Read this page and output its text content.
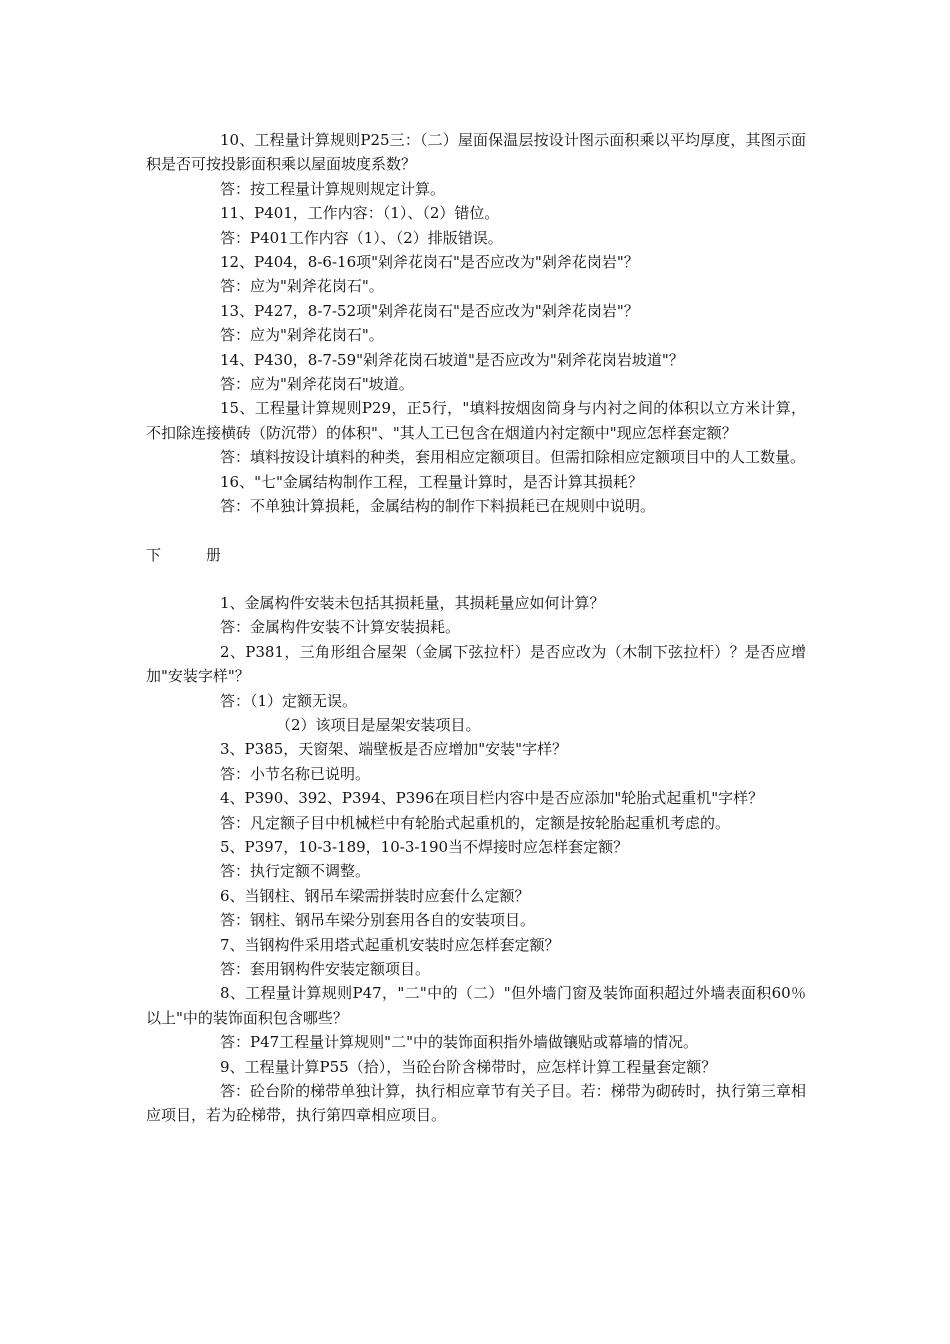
10、工程量计算规则P25三：（二）屋面保温层按设计图示面积乘以平均厚度，其图示面积是否可按投影面积乘以屋面坡度系数？

答：按工程量计算规则规定计算。

11、P401，工作内容：（1）、（2）错位。

答：P401工作内容（1）、（2）排版错误。

12、P404，8-6-16项"剁斧花岗石"是否应改为"剁斧花岗岩"？

答：应为"剁斧花岗石"。

13、P427，8-7-52项"剁斧花岗石"是否应改为"剁斧花岗岩"？

答：应为"剁斧花岗石"。

14、P430，8-7-59"剁斧花岗石坡道"是否应改为"剁斧花岗岩坡道"？

答：应为"剁斧花岗石"坡道。

15、工程量计算规则P29，正5行，"填料按烟囱筒身与内衬之间的体积以立方米计算，不扣除连接横砖（防沉带）的体积"、"其人工已包含在烟道内衬定额中"现应怎样套定额？

答：填料按设计填料的种类，套用相应定额项目。但需扣除相应定额项目中的人工数量。

16、"七"金属结构制作工程，工程量计算时，是否计算其损耗？

答：不单独计算损耗，金属结构的制作下料损耗已在规则中说明。

下　　　册

1、金属构件安装未包括其损耗量，其损耗量应如何计算？

答：金属构件安装不计算安装损耗。

2、P381，三角形组合屋架（金属下弦拉杆）是否应改为（木制下弦拉杆）？是否应增加"安装字样"？

答：（1）定额无误。

（2）该项目是屋架安装项目。

3、P385，天窗架、端壁板是否应增加"安装"字样？

答：小节名称已说明。

4、P390、392、P394、P396在项目栏内容中是否应添加"轮胎式起重机"字样？

答：凡定额子目中机械栏中有轮胎式起重机的，定额是按轮胎起重机考虑的。

5、P397，10-3-189，10-3-190当不焊接时应怎样套定额？

答：执行定额不调整。

6、当钢柱、钢吊车梁需拼装时应套什么定额？

答：钢柱、钢吊车梁分别套用各自的安装项目。

7、当钢构件采用塔式起重机安装时应怎样套定额？

答：套用钢构件安装定额项目。

8、工程量计算规则P47，"二"中的（二）"但外墙门窗及装饰面积超过外墙表面积60％以上"中的装饰面积包含哪些？

答：P47工程量计算规则"二"中的装饰面积指外墙做镶贴或幕墙的情况。

9、工程量计算P55（拾），当砼台阶含梯带时，应怎样计算工程量套定额？

答：砼台阶的梯带单独计算，执行相应章节有关子目。若：梯带为砌砖时，执行第三章相应项目，若为砼梯带，执行第四章相应项目。
